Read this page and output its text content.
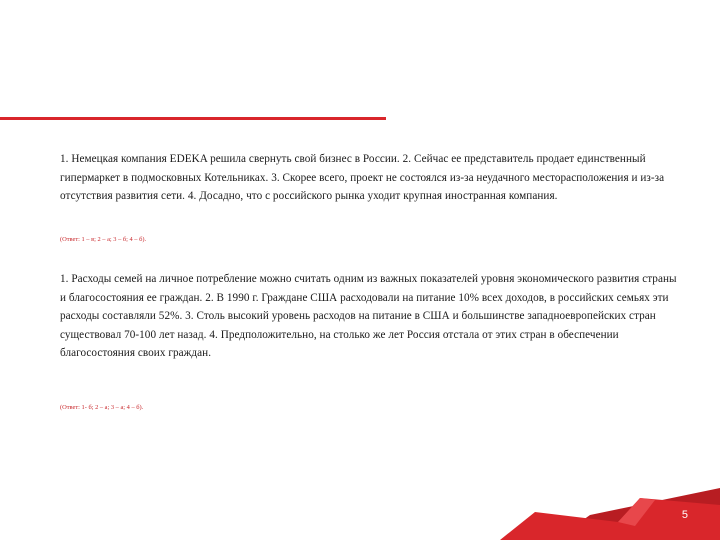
1. Немецкая компания EDEKA решила свернуть свой бизнес в России. 2. Сейчас ее представитель продает единственный гипермаркет в подмосковных Котельниках. 3. Скорее всего, проект не состоялся из-за неудачного месторасположения и из-за отсутствия развития сети. 4. Досадно, что с российского рынка уходит крупная иностранная компания.

(Ответ: 1 – в; 2 – а; 3 – б; 4 – б).

1. Расходы семей на личное потребление можно считать одним из важных показателей уровня экономического развития страны и благосостояния ее граждан. 2. В 1990 г. Граждане США расходовали на питание 10% всех доходов, в российских семьях эти расходы составляли 52%. 3. Столь высокий уровень расходов на питание в США и большинстве западноевропейских стран существовал 70-100 лет назад. 4. Предположительно, на столько же лет Россия отстала от этих стран в обеспечении благосостояния своих граждан.

(Ответ: 1- б; 2 – а; 3 – а; 4 – б).

5
